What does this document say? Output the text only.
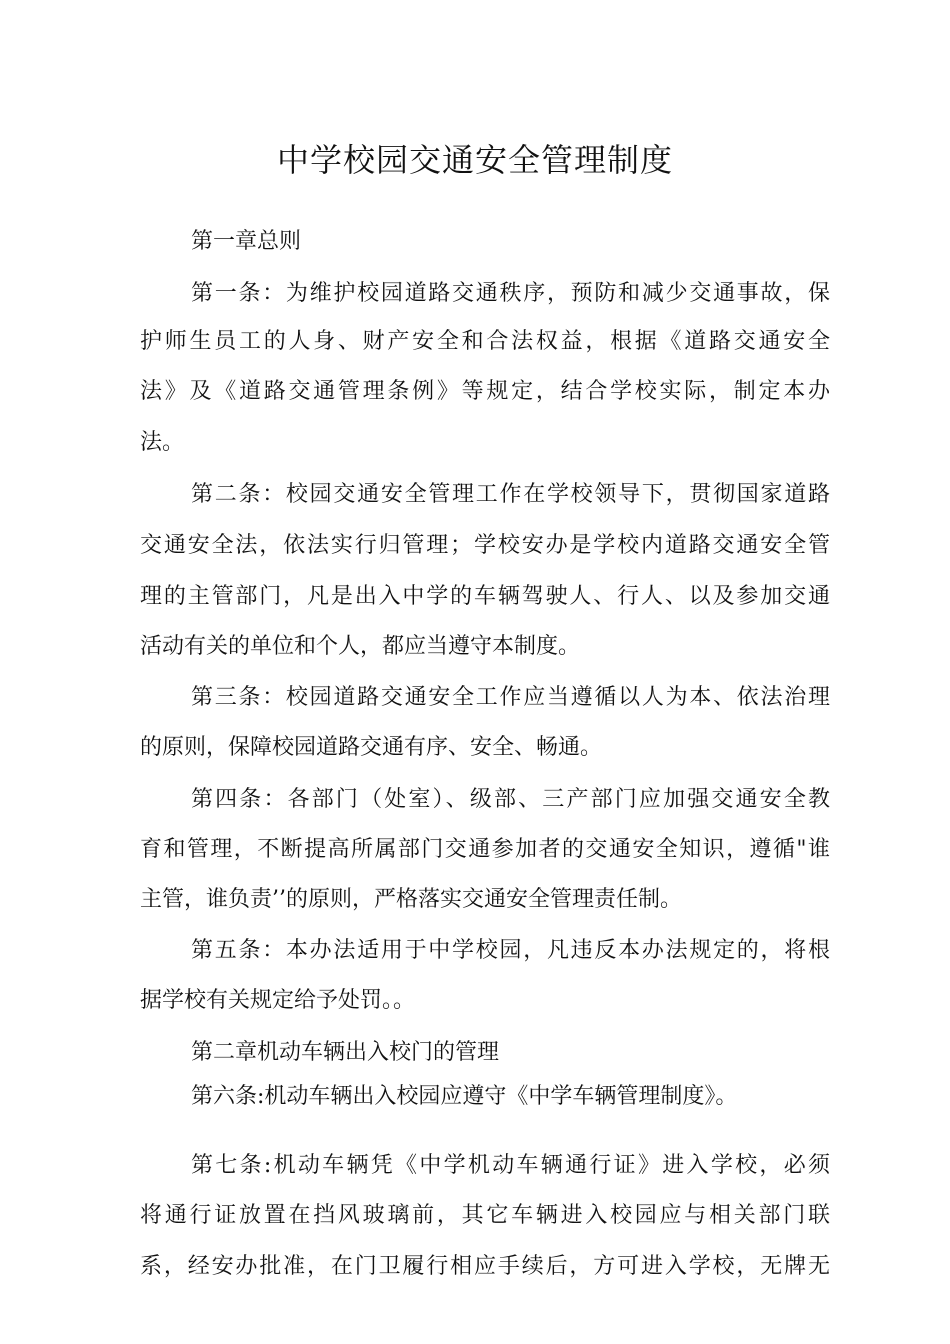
中学校园交通安全管理制度
第一章总则
第一条：为维护校园道路交通秩序，预防和减少交通事故，保
护师生员工的人身、财产安全和合法权益，根据《道路交通安全
法》及《道路交通管理条例》等规定，结合学校实际，制定本办
法。
第二条：校园交通安全管理工作在学校领导下，贯彻国家道路
交通安全法，依法实行归管理；学校安办是学校内道路交通安全管
理的主管部门，凡是出入中学的车辆驾驶人、行人、以及参加交通
活动有关的单位和个人，都应当遵守本制度。
第三条：校园道路交通安全工作应当遵循以人为本、依法治理
的原则，保障校园道路交通有序、安全、畅通。
第四条：各部门（处室）、级部、三产部门应加强交通安全教
育和管理，不断提高所属部门交通参加者的交通安全知识，遵循"谁
主管，谁负责’’的原则，严格落实交通安全管理责任制。
第五条：本办法适用于中学校园，凡违反本办法规定的，将根
据学校有关规定给予处罚。。
第二章机动车辆出入校门的管理
第六条:机动车辆出入校园应遵守《中学车辆管理制度》。
第七条:机动车辆凭《中学机动车辆通行证》进入学校，必须
将通行证放置在挡风玻璃前，其它车辆进入校园应与相关部门联
系，经安办批准，在门卫履行相应手续后，方可进入学校，无牌无
